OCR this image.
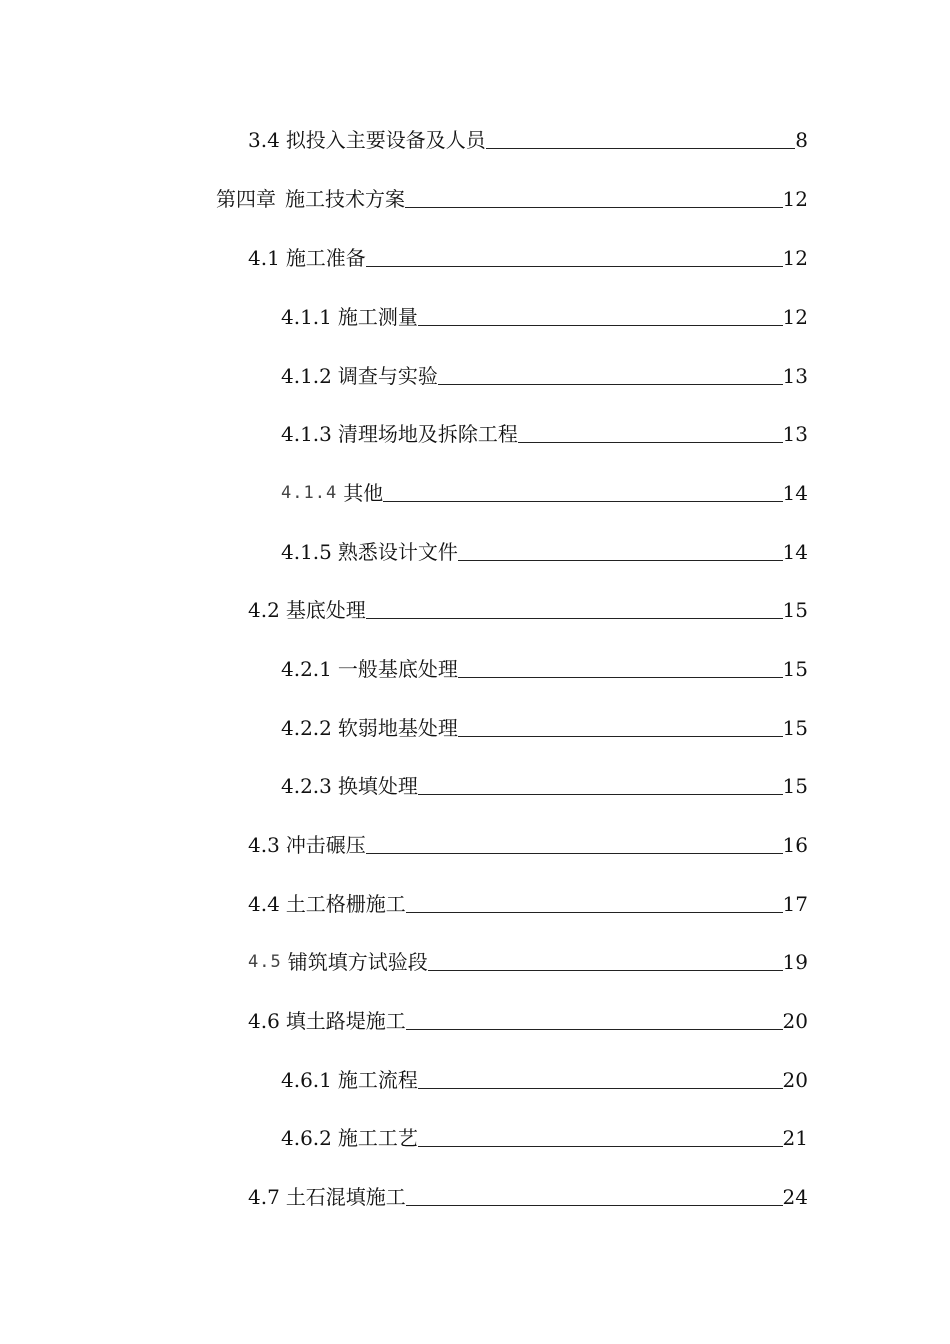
3.4 拟投入主要设备及人员	8
第四章 施工技术方案	12
4.1 施工准备	12
4.1.1 施工测量	12
4.1.2 调查与实验	13
4.1.3 清理场地及拆除工程	13
4.1.4 其他	14
4.1.5 熟悉设计文件	14
4.2 基底处理	15
4.2.1 一般基底处理	15
4.2.2 软弱地基处理	15
4.2.3 换填处理	15
4.3 冲击碾压	16
4.4 土工格栅施工	17
4.5 铺筑填方试验段	19
4.6 填土路堤施工	20
4.6.1 施工流程	20
4.6.2 施工工艺	21
4.7 土石混填施工	24
